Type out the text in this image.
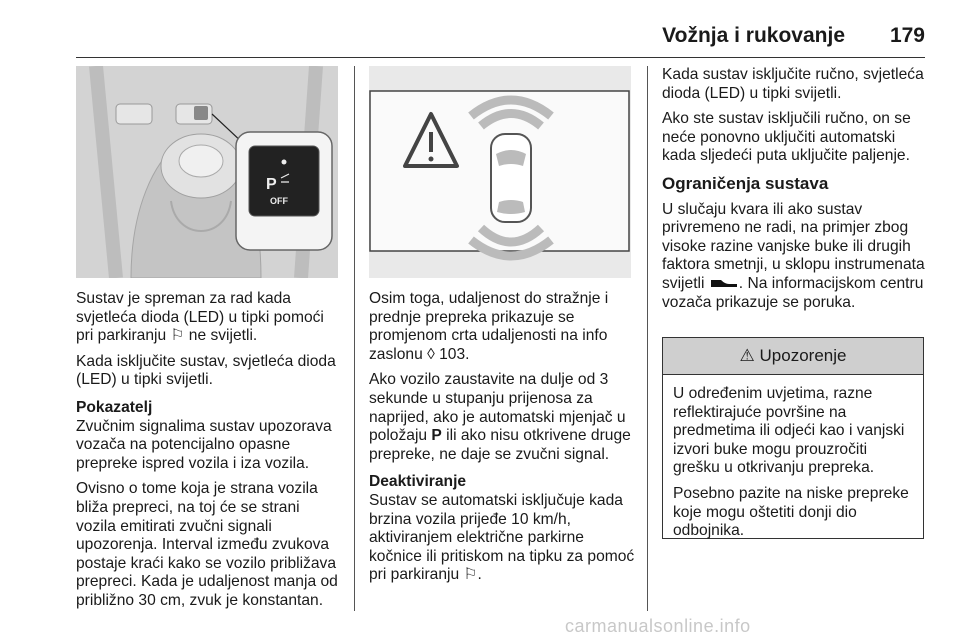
Vožnja i rukovanje 179
P
OFF

Sustav je spreman za rad kada svjetleća dioda (LED) u tipki pomoći pri parkiranju ⚐ ne svijetli.

Kada isključite sustav, svjetleća dioda (LED) u tipki svijetli.

Pokazatelj

Zvučnim signalima sustav upozorava vozača na potencijalno opasne prepreke ispred vozila i iza vozila.

Ovisno o tome koja je strana vozila bliža prepreci, na toj će se strani vozila emitirati zvučni signali upozorenja. Interval između zvukova postaje kraći kako se vozilo približava prepreci. Kada je udaljenost manja od približno 30 cm, zvuk je konstantan.

Osim toga, udaljenost do stražnje i prednje prepreka prikazuje se promjenom crta udaljenosti na info zaslonu ◊ 103.

Ako vozilo zaustavite na dulje od 3 sekunde u stupanju prijenosa za naprijed, ako je automatski mjenjač u položaju P ili ako nisu otkrivene druge prepreke, ne daje se zvučni signal.

Deaktiviranje

Sustav se automatski isključuje kada brzina vozila prijeđe 10 km/h, aktiviranjem električne parkirne kočnice ili pritiskom na tipku za pomoć pri parkiranju ⚐.

Kada sustav isključite ručno, svjetleća dioda (LED) u tipki svijetli.

Ako ste sustav isključili ručno, on se neće ponovno uključiti automatski kada sljedeći puta uključite paljenje.

Ograničenja sustava

U slučaju kvara ili ako sustav privremeno ne radi, na primjer zbog visoke razine vanjske buke ili drugih faktora smetnji, u sklopu instrumenata svijetli . Na informacijskom centru vozača prikazuje se poruka.

⚠ Upozorenje

U određenim uvjetima, razne reflektirajuće površine na predmetima ili odjeći kao i vanjski izvori buke mogu prouzročiti grešku u otkrivanju prepreka.

Posebno pazite na niske prepreke koje mogu oštetiti donji dio odbojnika.

carmanualsonline.info
